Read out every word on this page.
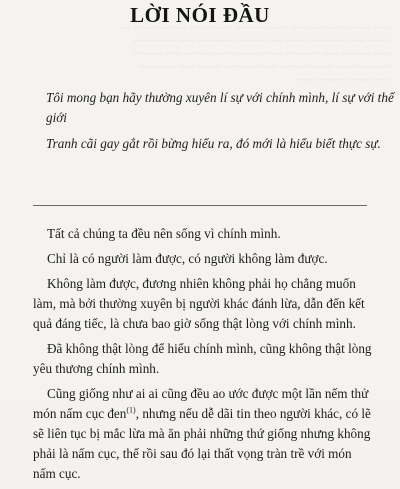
~~~ ~~~~ ~~~~~~ ~~~ ~~~~ ~~~~~ ~~~~ ~~~ ~~~~~~ ~~~ ~~
~~~~ ~~~ ~~~~~~ ~~~~ ~~~ ~~~~ ~~~~~~~ ~~~ ~~~~ ~~~
~~~ ~~~~~ ~~~ ~~~~~~ ~~~~ ~~~ ~~~~ ~~~~~ ~~~ ~~~~~
~~~~~~ ~~~ ~~~~ ~~~~~ ~~~ ~~~~~~ ~~~~ ~~~ ~~~~ ~~
~~~ ~~~~ ~~~~~ ~~~
LỜI NÓI ĐẦU

Tôi mong bạn hãy thường xuyên lí sự với chính mình, lí sự với thế giới

Tranh cãi gay gắt rồi bừng hiểu ra, đó mới là hiểu biết thực sự.

Tất cả chúng ta đều nên sống vì chính mình.

Chỉ là có người làm được, có người không làm được.

Không làm được, đương nhiên không phải họ chẳng muốn làm, mà bởi thường xuyên bị người khác đánh lừa, dẫn đến kết quả đáng tiếc, là chưa bao giờ sống thật lòng với chính mình.

Đã không thật lòng để hiểu chính mình, cũng không thật lòng yêu thương chính mình.

Cũng giống như ai ai cũng đều ao ước được một lần nếm thử món nấm cục đen$^{(1)}$, nhưng nếu dễ dãi tin theo người khác, có lẽ sẽ liên tục bị mắc lừa mà ăn phải những thứ giống nhưng không phải là nấm cục, thế rồi sau đó lại thất vọng tràn trề với món nấm cục.
